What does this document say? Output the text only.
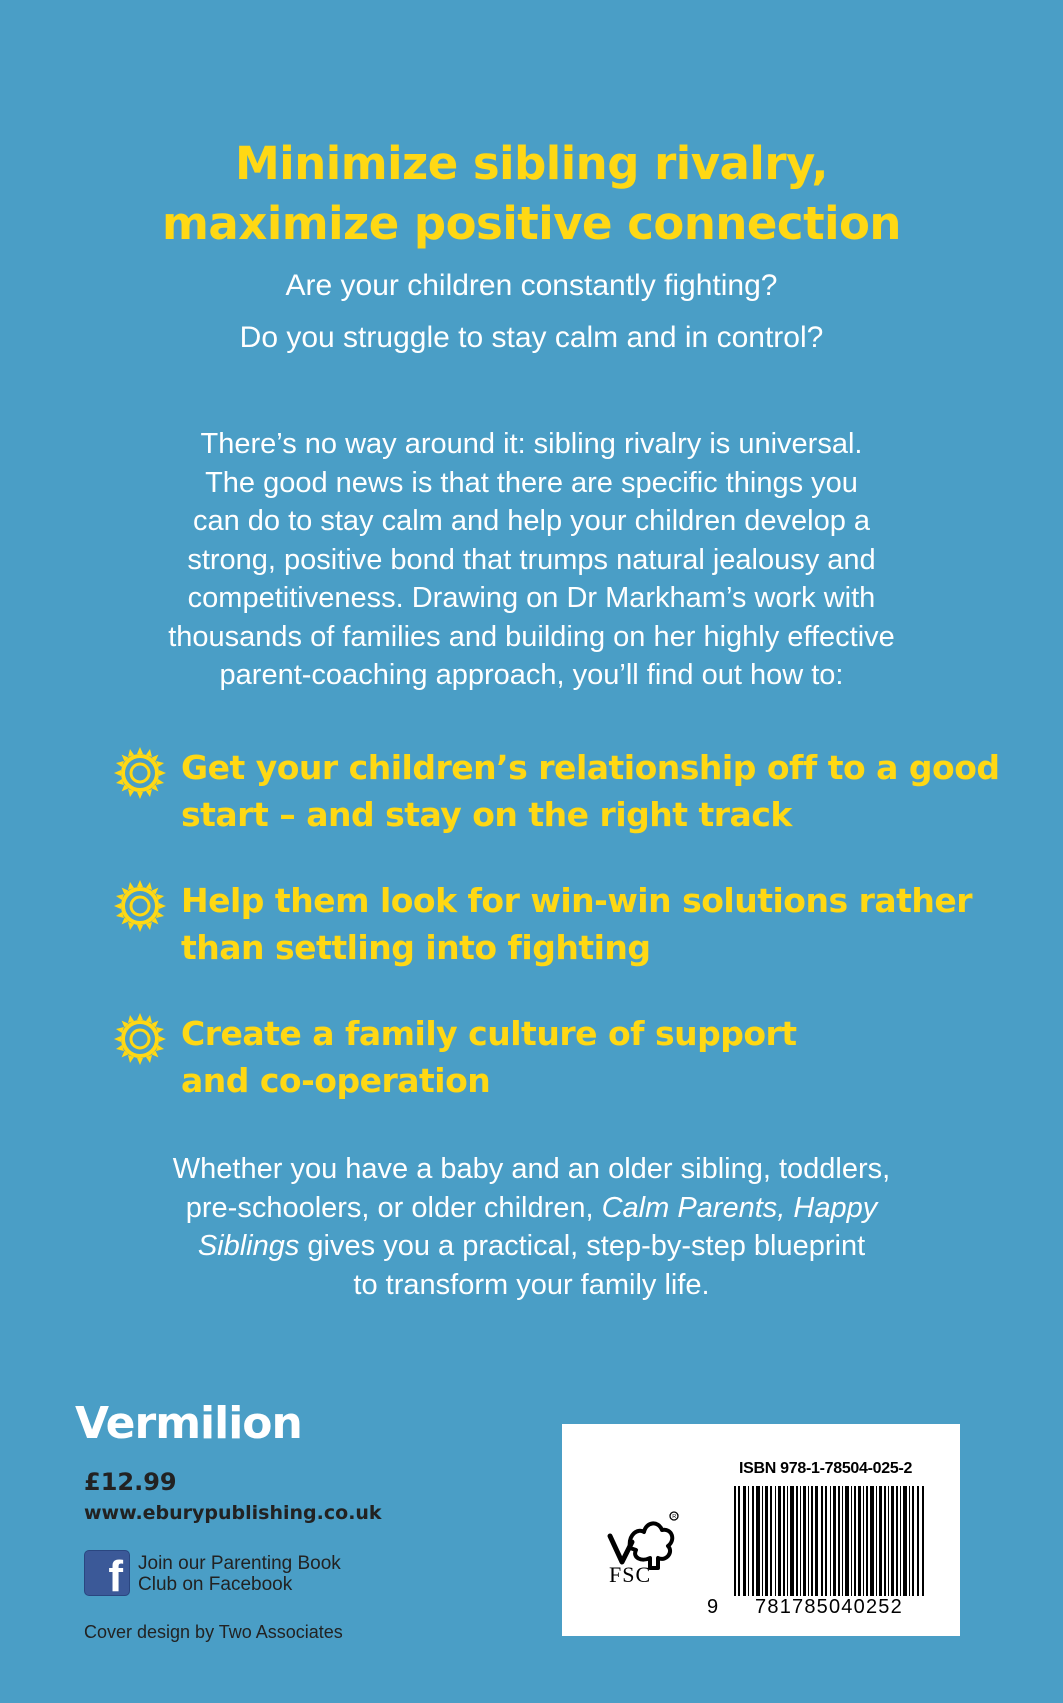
Minimize sibling rivalry,
maximize positive connection
Are your children constantly fighting?
Do you struggle to stay calm and in control?
There’s no way around it: sibling rivalry is universal.
The good news is that there are specific things you
can do to stay calm and help your children develop a
strong, positive bond that trumps natural jealousy and
competitiveness. Drawing on Dr Markham’s work with
thousands of families and building on her highly effective
parent-coaching approach, you’ll find out how to:
Get your children’s relationship off to a good
start – and stay on the right track
Help them look for win-win solutions rather
than settling into fighting
Create a family culture of support
and co-operation
Whether you have a baby and an older sibling, toddlers,
pre-schoolers, or older children, Calm Parents, Happy
Siblings gives you a practical, step-by-step blueprint
to transform your family life.
Vermilion
£12.99
www.eburypublishing.co.uk
f Join our Parenting Book
Club on Facebook
Cover design by Two Associates
R
FSC
ISBN 978-1-78504-025-2
9	781785040252
